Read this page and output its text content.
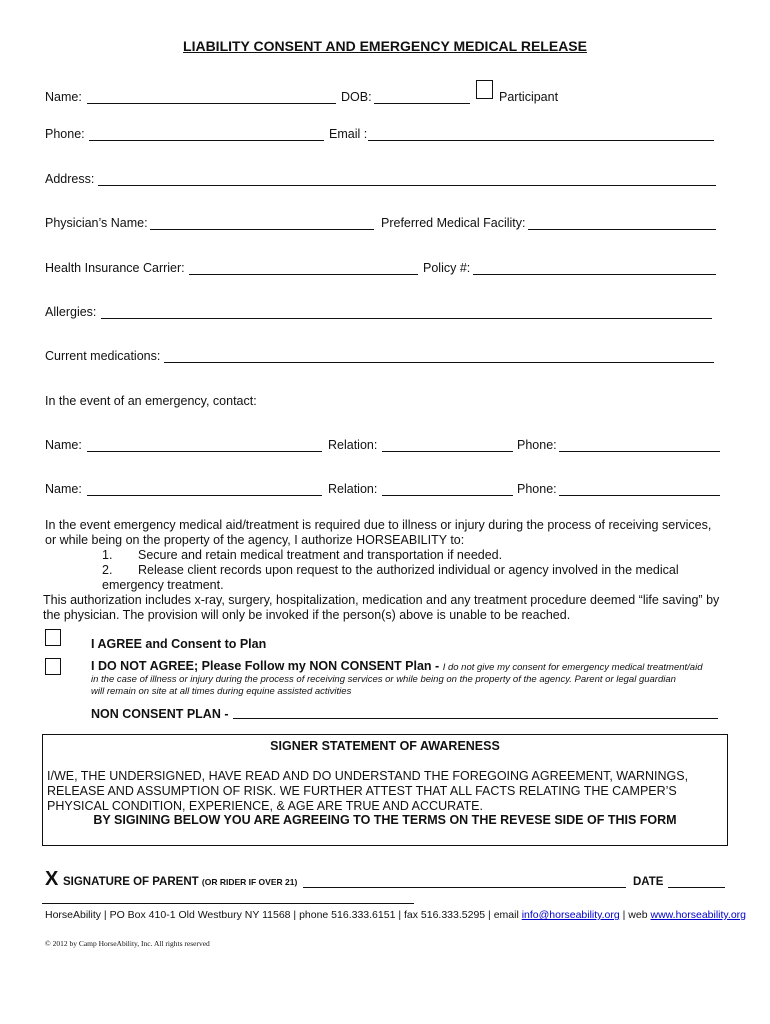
LIABILITY CONSENT AND EMERGENCY MEDICAL RELEASE
Name:	DOB:	Participant
Phone:	Email :
Address:
Physician’s Name:	Preferred Medical Facility:
Health Insurance Carrier:	Policy #:
Allergies:
Current medications:
In the event of an emergency, contact:
Name:	Relation:	Phone:
Name:	Relation:	Phone:
In the event emergency medical aid/treatment is required due to illness or injury during the process of receiving services,
or while being on the property of the agency, I authorize HORSEABILITY to:
1. Secure and retain medical treatment and transportation if needed.
2. Release client records upon request to the authorized individual or agency involved in the medical
emergency treatment.
This authorization includes x-ray, surgery, hospitalization, medication and any treatment procedure deemed “life saving” by
the physician. The provision will only be invoked if the person(s) above is unable to be reached.
I AGREE and Consent to Plan
I DO NOT AGREE; Please Follow my NON CONSENT Plan - I do not give my consent for emergency medical treatment/aid
in the case of illness or injury during the process of receiving services or while being on the property of the agency. Parent or legal guardian
will remain on site at all times during equine assisted activities
NON CONSENT PLAN -
SIGNER STATEMENT OF AWARENESS
I/WE, THE UNDERSIGNED, HAVE READ AND DO UNDERSTAND THE FOREGOING AGREEMENT, WARNINGS,
RELEASE AND ASSUMPTION OF RISK. WE FURTHER ATTEST THAT ALL FACTS RELATING THE CAMPER’S
PHYSICAL CONDITION, EXPERIENCE, & AGE ARE TRUE AND ACCURATE.
BY SIGINING BELOW YOU ARE AGREEING TO THE TERMS ON THE REVESE SIDE OF THIS FORM
X SIGNATURE OF PARENT (OR RIDER IF OVER 21)	DATE
HorseAbility | PO Box 410-1 Old Westbury NY 11568 | phone 516.333.6151 | fax 516.333.5295 | email info@horseability.org | web www.horseability.org
© 2012 by Camp HorseAbility, Inc. All rights reserved
